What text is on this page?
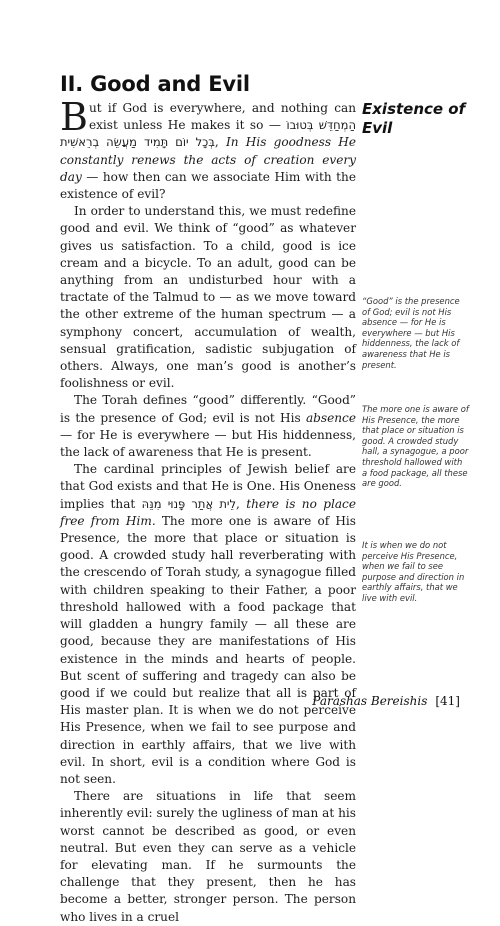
II. Good and Evil

But if God is everywhere, and nothing can exist unless He makes it so — הַמְחַדֵּשׁ בְּטוּבוֹ בְּכָל יוֹם תָּמִיד מַעֲשֵׂה בְרֵאשִׁית, In His goodness He constantly renews the acts of creation every day — how then can we associate Him with the existence of evil?

In order to understand this, we must redefine good and evil. We think of “good” as whatever gives us satisfaction. To a child, good is ice cream and a bicycle. To an adult, good can be anything from an undisturbed hour with a tractate of the Talmud to — as we move toward the other extreme of the human spectrum — a symphony concert, accumulation of wealth, sensual gratification, sadistic subjugation of others. Always, one man’s good is another’s foolishness or evil.

The Torah defines “good” differently. “Good” is the presence of God; evil is not His absence — for He is everywhere — but His hiddenness, the lack of awareness that He is present.

The cardinal principles of Jewish belief are that God exists and that He is One. His Oneness implies that לֵית אֲתַר פָּנוּי מִנֵּהּ, there is no place free from Him. The more one is aware of His Presence, the more that place or situation is good. A crowded study hall reverberating with the crescendo of Torah study, a synagogue filled with children speaking to their Father, a poor threshold hallowed with a food package that will gladden a hungry family — all these are good, because they are manifestations of His existence in the minds and hearts of people. But scent of suffering and tragedy can also be good if we could but realize that all is part of His master plan. It is when we do not perceive His Presence, when we fail to see purpose and direction in earthly affairs, that we live with evil. In short, evil is a condition where God is not seen.

There are situations in life that seem inherently evil: surely the ugliness of man at his worst cannot be described as good, or even neutral. But even they can serve as a vehicle for elevating man. If he surmounts the challenge that they present, then he has become a better, stronger person. The person who lives in a cruel

Existence of Evil
“Good” is the presence of God; evil is not His absence — for He is everywhere — but His hiddenness, the lack of awareness that He is present.
The more one is aware of His Presence, the more that place or situation is good. A crowded study hall, a synagogue, a poor threshold hallowed with a food package, all these are good.
It is when we do not perceive His Presence, when we fail to see purpose and direction in earthly affairs, that we live with evil.
Parashas Bereishis [41]
